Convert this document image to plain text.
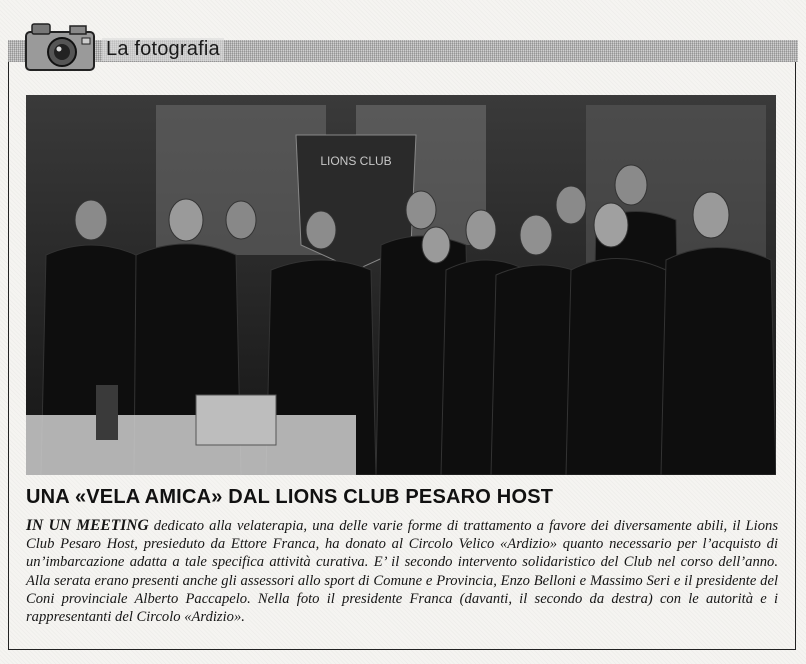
La fotografia
LIONS CLUB
UNA «VELA AMICA» DAL LIONS CLUB PESARO HOST
IN UN MEETING dedicato alla velaterapia, una delle varie forme di trattamento a favore dei diversamente abili, il Lions Club Pesaro Host, presieduto da Ettore Franca, ha donato al Circolo Velico «Ardizio» quanto necessario per l’acquisto di un’imbarcazione adatta a tale specifica attività curativa. E’ il secondo intervento solidaristico del Club nel corso dell’anno. Alla serata erano presenti anche gli assessori allo sport di Comune e Provincia, Enzo Belloni e Massimo Seri e il presidente del Coni provinciale Alberto Paccapelo. Nella foto il presidente Franca (davanti, il secondo da destra) con le autorità e i rappresentanti del Circolo «Ardizio».
